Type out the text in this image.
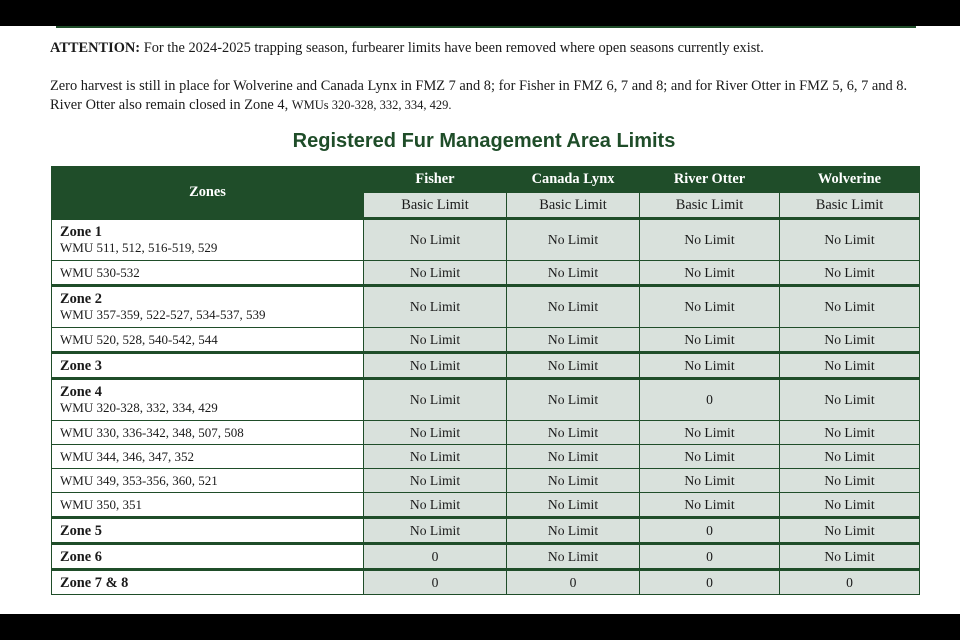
ATTENTION: For the 2024-2025 trapping season, furbearer limits have been removed where open seasons currently exist.
Zero harvest is still in place for Wolverine and Canada Lynx in FMZ 7 and 8; for Fisher in FMZ 6, 7 and 8; and for River Otter in FMZ 5, 6, 7 and 8. River Otter also remain closed in Zone 4, WMUs 320-328, 332, 334, 429.
Registered Fur Management Area Limits
Zones	Fisher	Canada Lynx	River Otter	Wolverine
	Basic Limit	Basic Limit	Basic Limit	Basic Limit

Zone 1
WMU 511, 512, 516-519, 529	No Limit	No Limit	No Limit	No Limit

WMU 530-532	No Limit	No Limit	No Limit	No Limit

Zone 2
WMU 357-359, 522-527, 534-537, 539	No Limit	No Limit	No Limit	No Limit

WMU 520, 528, 540-542, 544	No Limit	No Limit	No Limit	No Limit

Zone 3	No Limit	No Limit	No Limit	No Limit

Zone 4
WMU 320-328, 332, 334, 429	No Limit	No Limit	0	No Limit

WMU 330, 336-342, 348, 507, 508	No Limit	No Limit	No Limit	No Limit

WMU 344, 346, 347, 352	No Limit	No Limit	No Limit	No Limit

WMU 349, 353-356, 360, 521	No Limit	No Limit	No Limit	No Limit

WMU 350, 351	No Limit	No Limit	No Limit	No Limit

Zone 5	No Limit	No Limit	0	No Limit

Zone 6	0	No Limit	0	No Limit

Zone 7 & 8	0	0	0	0
